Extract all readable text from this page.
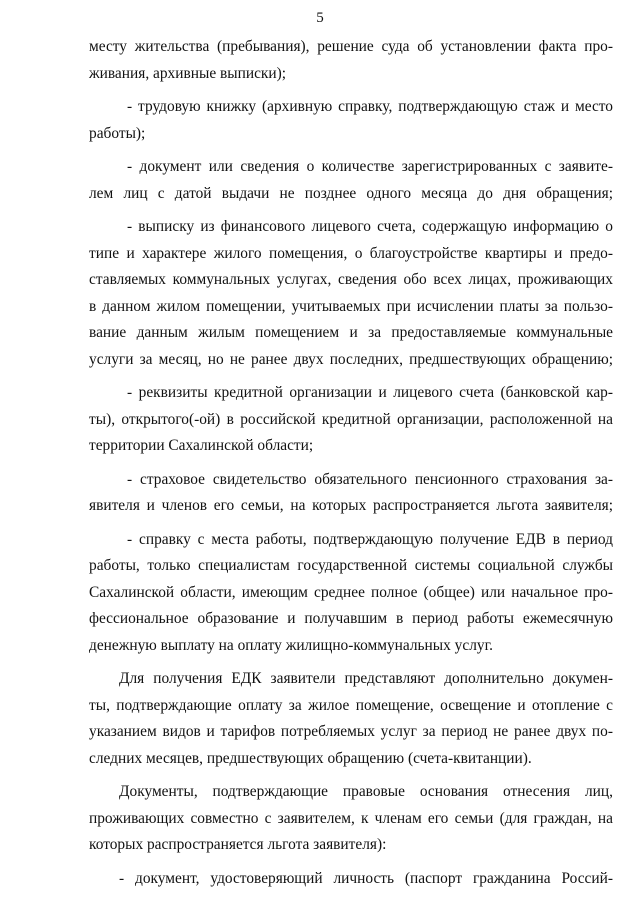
5
месту жительства (пребывания), решение суда об установлении факта про-
живания, архивные выписки);
- трудовую книжку (архивную справку, подтверждающую стаж и место
работы);
- документ или сведения о количестве зарегистрированных с заявите-
лем лиц с датой выдачи не позднее одного месяца до дня обращения;
- выписку из финансового лицевого счета, содержащую информацию о
типе и характере жилого помещения, о благоустройстве квартиры и предо-
ставляемых коммунальных услугах, сведения обо всех лицах, проживающих
в данном жилом помещении, учитываемых при исчислении платы за пользо-
вание данным жилым помещением и за предоставляемые коммунальные
услуги за месяц, но не ранее двух последних, предшествующих обращению;
- реквизиты кредитной организации и лицевого счета (банковской кар-
ты), открытого(-ой) в российской кредитной организации, расположенной на
территории Сахалинской области;
- страховое свидетельство обязательного пенсионного страхования за-
явителя и членов его семьи, на которых распространяется льгота заявителя;
- справку с места работы, подтверждающую получение ЕДВ в период
работы, только специалистам государственной системы социальной службы
Сахалинской области, имеющим среднее полное (общее) или начальное про-
фессиональное образование и получавшим в период работы ежемесячную
денежную выплату на оплату жилищно-коммунальных услуг.
Для получения ЕДК заявители представляют дополнительно докумен-
ты, подтверждающие оплату за жилое помещение, освещение и отопление с
указанием видов и тарифов потребляемых услуг за период не ранее двух по-
следних месяцев, предшествующих обращению (счета-квитанции).
Документы, подтверждающие правовые основания отнесения лиц,
проживающих совместно с заявителем, к членам его семьи (для граждан, на
которых распространяется льгота заявителя):
- документ, удостоверяющий личность (паспорт гражданина Россий-
